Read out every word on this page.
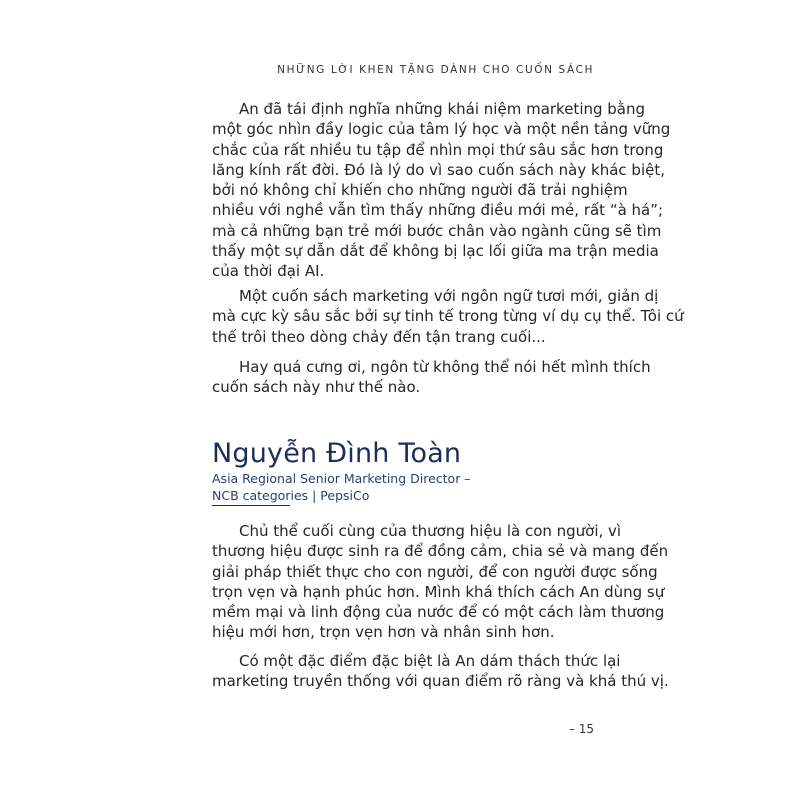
NHỮNG LỜI KHEN TẶNG DÀNH CHO CUỐN SÁCH

An đã tái định nghĩa những khái niệm marketing bằng
một góc nhìn đầy logic của tâm lý học và một nền tảng vững
chắc của rất nhiều tu tập để nhìn mọi thứ sâu sắc hơn trong
lăng kính rất đời. Đó là lý do vì sao cuốn sách này khác biệt,
bởi nó không chỉ khiến cho những người đã trải nghiệm
nhiều với nghề vẫn tìm thấy những điều mới mẻ, rất “à há”;
mà cả những bạn trẻ mới bước chân vào ngành cũng sẽ tìm
thấy một sự dẫn dắt để không bị lạc lối giữa ma trận media
của thời đại AI.

Một cuốn sách marketing với ngôn ngữ tươi mới, giản dị
mà cực kỳ sâu sắc bởi sự tinh tế trong từng ví dụ cụ thể. Tôi cứ
thế trôi theo dòng chảy đến tận trang cuối...

Hay quá cưng ơi, ngôn từ không thể nói hết mình thích
cuốn sách này như thế nào.

Nguyễn Đình Toàn
Asia Regional Senior Marketing Director –
NCB categories | PepsiCo

Chủ thể cuối cùng của thương hiệu là con người, vì
thương hiệu được sinh ra để đồng cảm, chia sẻ và mang đến
giải pháp thiết thực cho con người, để con người được sống
trọn vẹn và hạnh phúc hơn. Mình khá thích cách An dùng sự
mềm mại và linh động của nước để có một cách làm thương
hiệu mới hơn, trọn vẹn hơn và nhân sinh hơn.

Có một đặc điểm đặc biệt là An dám thách thức lại
marketing truyền thống với quan điểm rõ ràng và khá thú vị.

– 15
